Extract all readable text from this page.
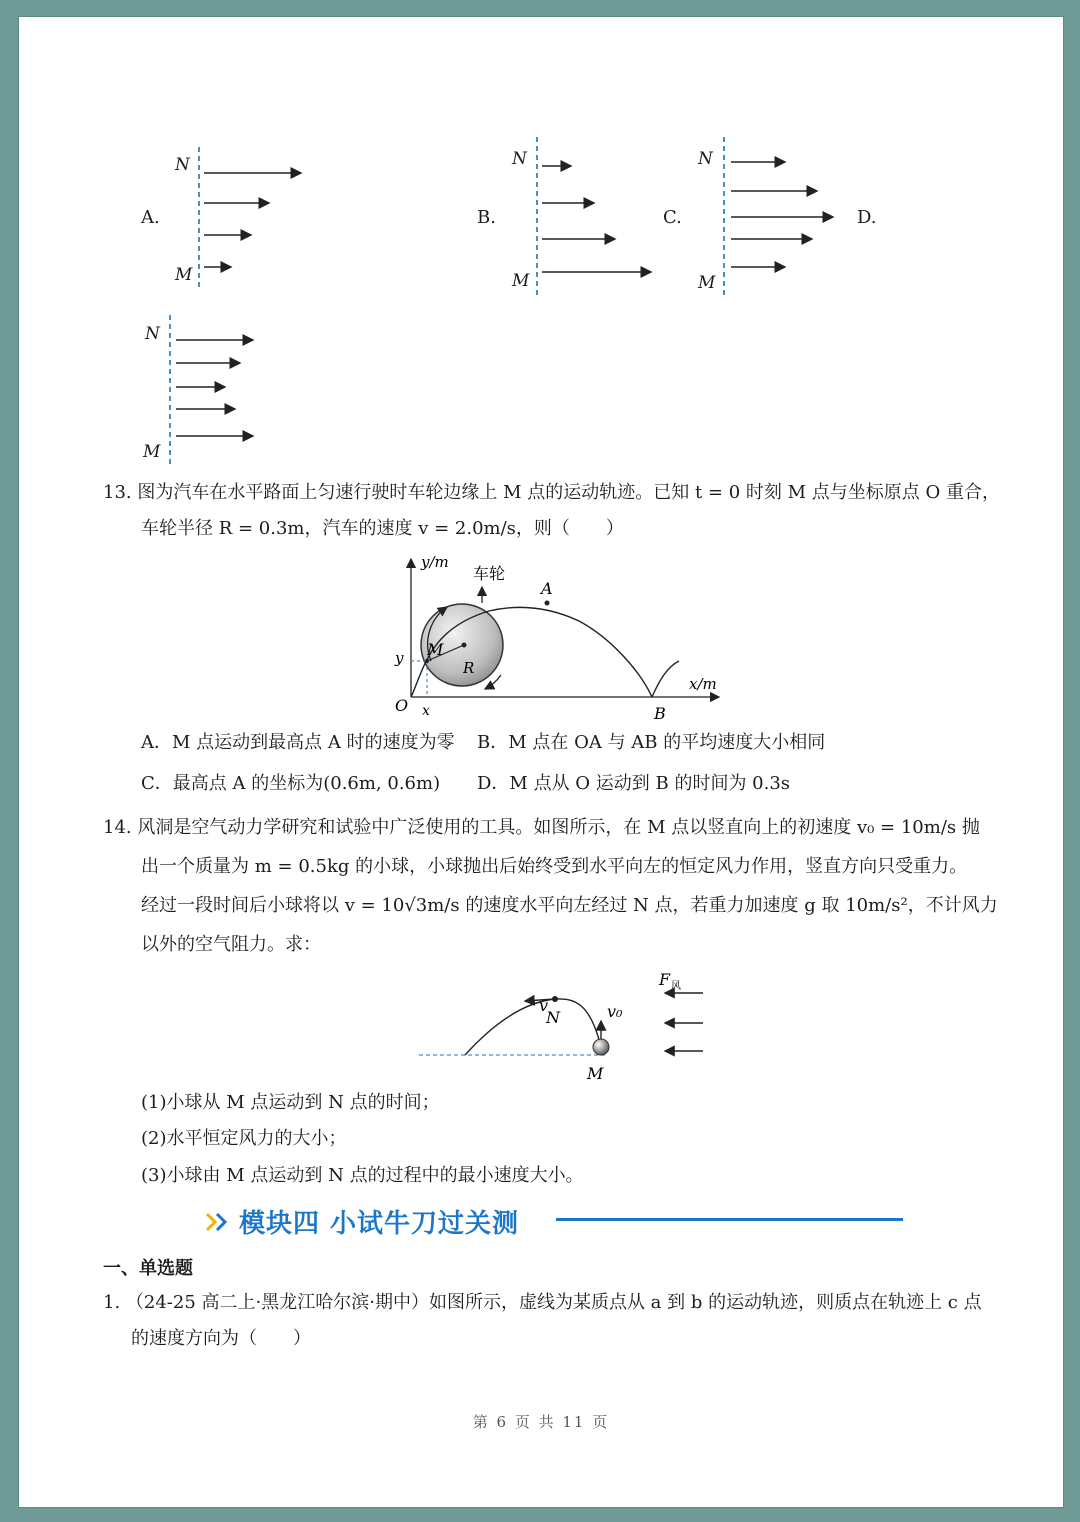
A.
N
M
B.
N
M
C.
N
M
D.
N
M
13. 图为汽车在水平路面上匀速行驶时车轮边缘上 M 点的运动轨迹。已知 t = 0 时刻 M 点与坐标原点 O 重合，
车轮半径 R = 0.3m，汽车的速度 v = 2.0m/s，则（　　）
y/m
x/m
车轮
A
B
O
M
R
x
y
A．M 点运动到最高点 A 时的速度为零 B．M 点在 OA 与 AB 的平均速度大小相同
C．最高点 A 的坐标为(0.6m, 0.6m) D．M 点从 O 运动到 B 的时间为 0.3s
14. 风洞是空气动力学研究和试验中广泛使用的工具。如图所示，在 M 点以竖直向上的初速度 v₀ = 10m/s 抛
出一个质量为 m = 0.5kg 的小球，小球抛出后始终受到水平向左的恒定风力作用，竖直方向只受重力。
经过一段时间后小球将以 v = 10√3m/s 的速度水平向左经过 N 点，若重力加速度 g 取 10m/s²，不计风力
以外的空气阻力。求：
v
N	v₀
F 风
M
(1)小球从 M 点运动到 N 点的时间；
(2)水平恒定风力的大小；
(3)小球由 M 点运动到 N 点的过程中的最小速度大小。
模块四 小试牛刀过关测
一、单选题
1. （24-25 高二上·黑龙江哈尔滨·期中）如图所示，虚线为某质点从 a 到 b 的运动轨迹，则质点在轨迹上 c 点
的速度方向为（　　）
第 6 页 共 11 页
